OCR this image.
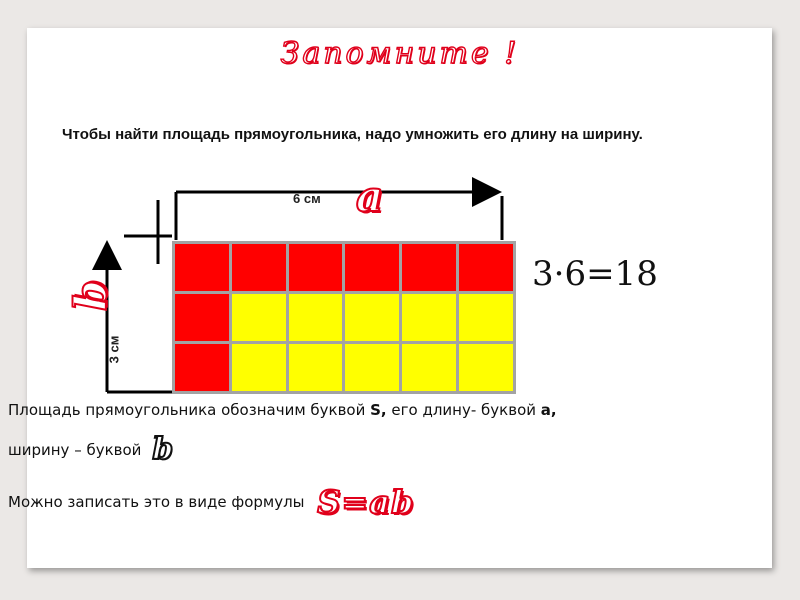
Запомните !
Чтобы найти площадь прямоугольника, надо умножить его длину на ширину.
6 см
3 см
a
b
3·6=18
Площадь прямоугольника обозначим буквой S, его длину- буквой а,
ширину – буквой b
Можно записать это в виде формулы S=ab
